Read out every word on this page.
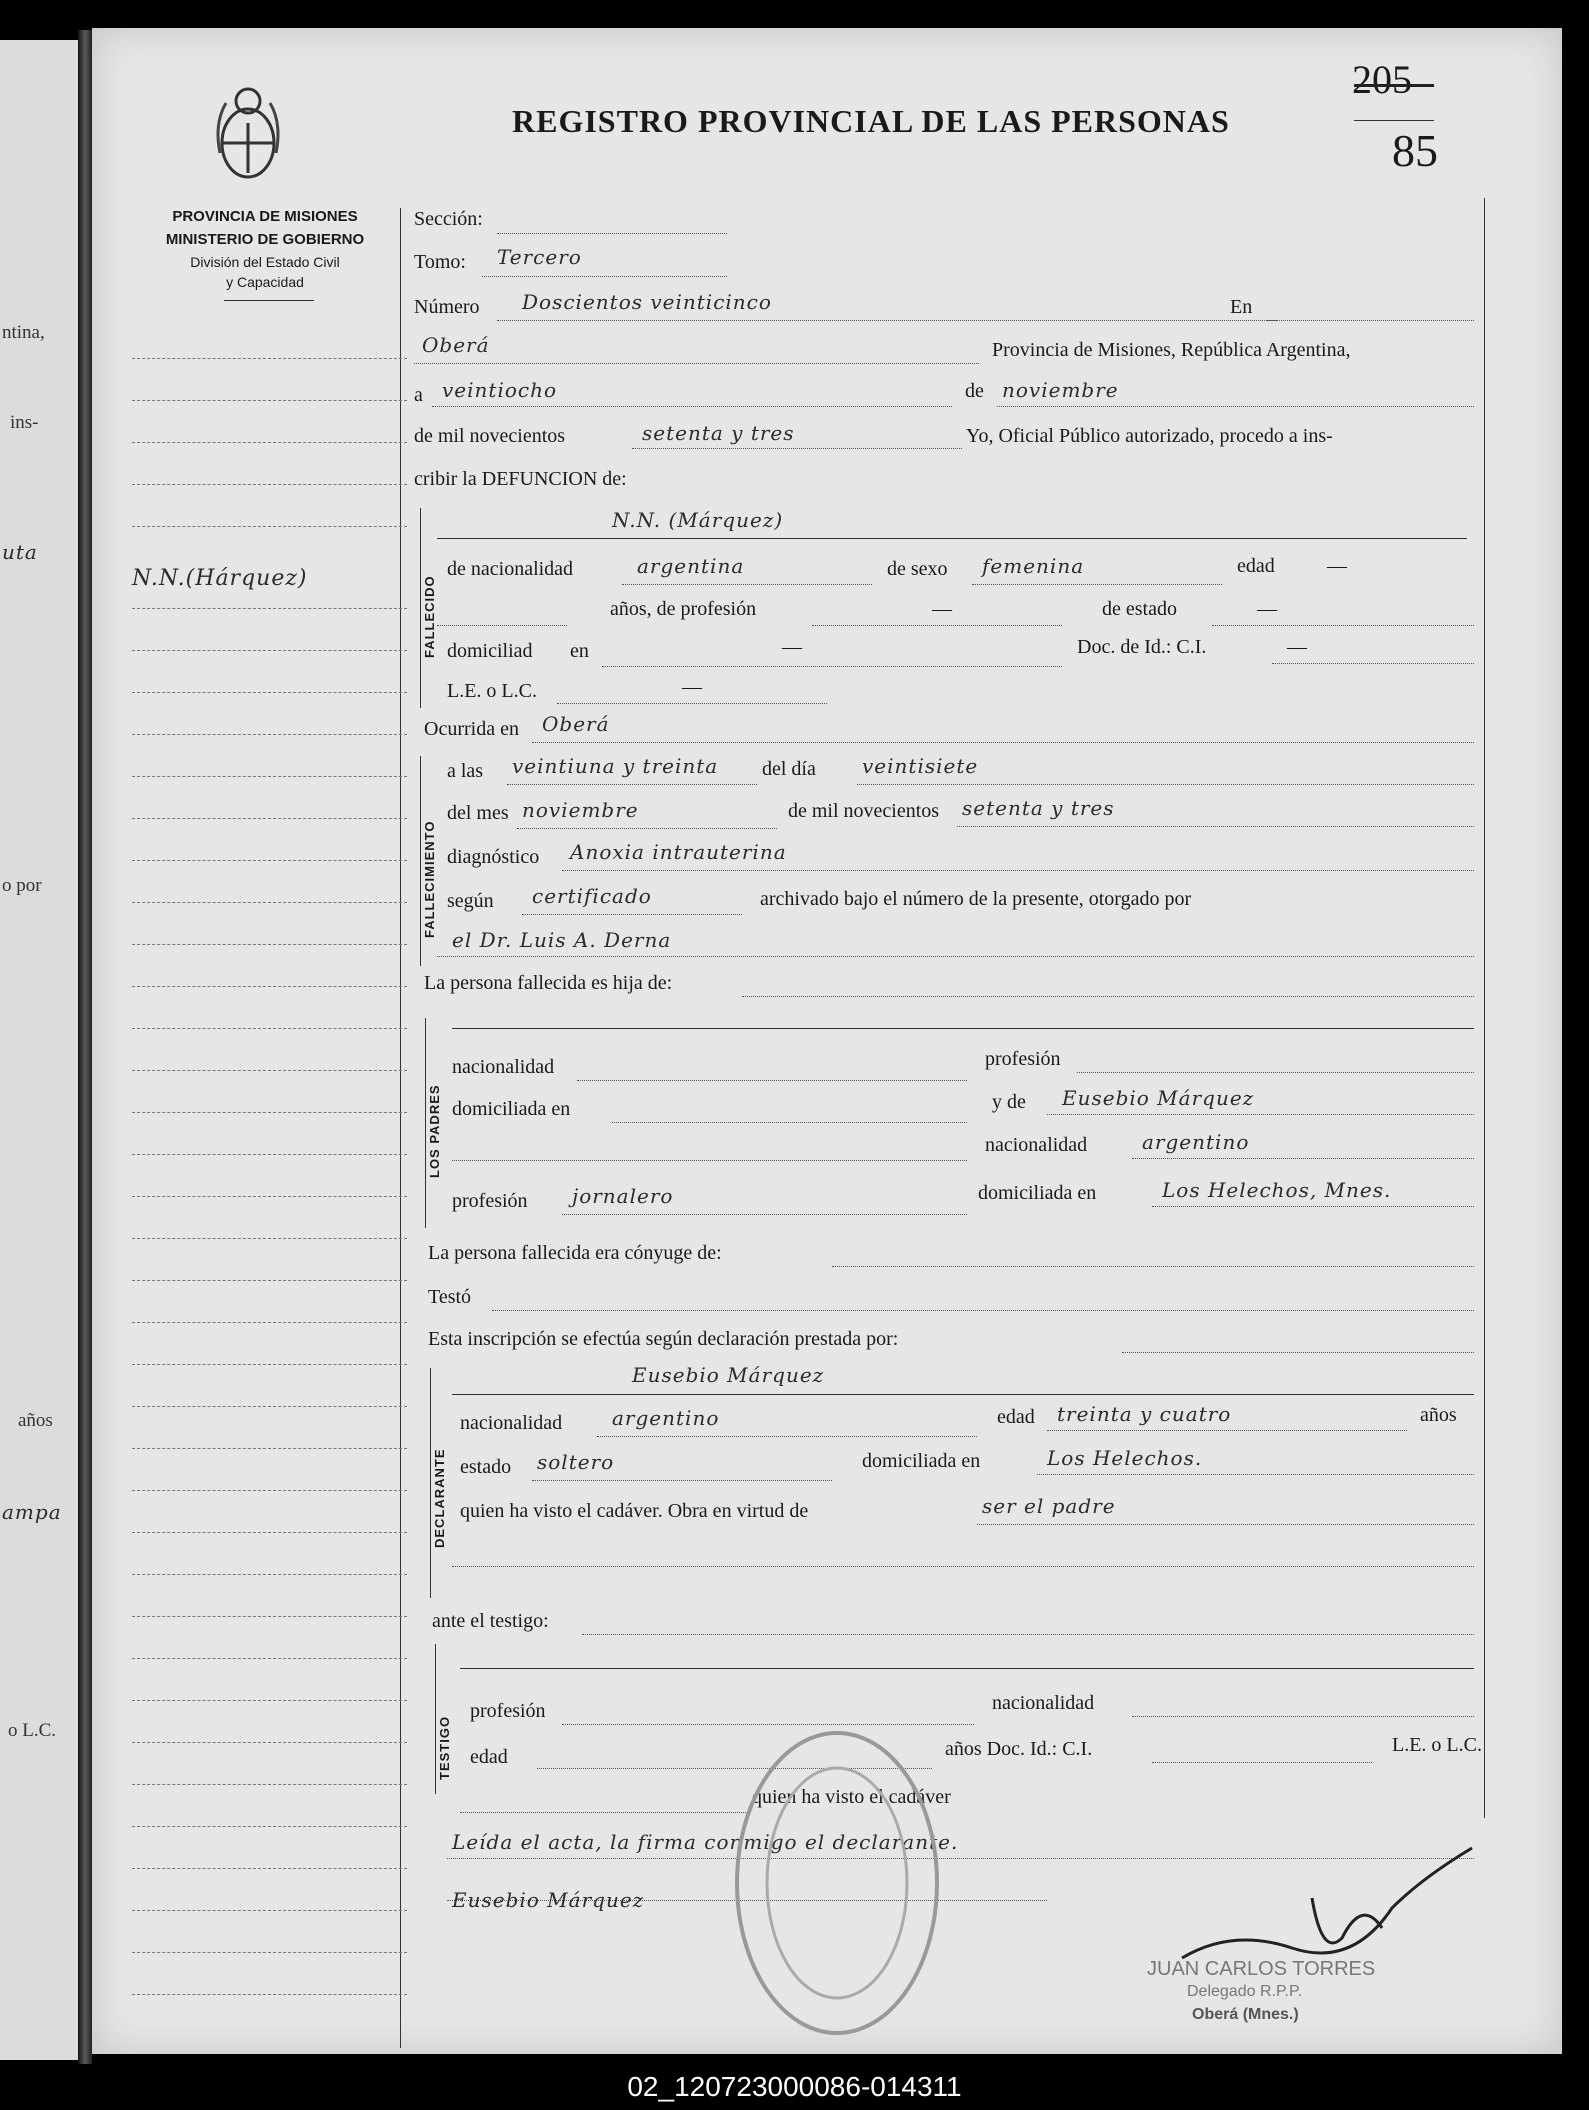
ntina,
ins-
uta
o por
años
ampa
o L.C.
REGISTRO PROVINCIAL DE LAS PERSONAS
205
85
PROVINCIA DE MISIONES
MINISTERIO DE GOBIERNO
División del Estado Civil
y Capacidad
N.N.(Hárquez)
Sección:
Tomo: Tercero
Número Doscientos veinticinco	En
Oberá	Provincia de Misiones, República Argentina,
a veintiocho	de noviembre
de mil novecientos	setenta y tres	Yo, Oficial Público autorizado, procedo a ins-
cribir la DEFUNCION de:
FALLECIDO
N.N. (Márquez)
de nacionalidad	argentina	de sexo femenina	edad	—
años, de profesión	—	de estado	—
domiciliad en	—	Doc. de Id.: C.I.	—
L.E. o L.C.	—
Ocurrida en Oberá
FALLECIMIENTO
a las veintiuna y treinta del día veintisiete
del mes noviembre	de mil novecientos setenta y tres
diagnóstico Anoxia intrauterina
según certificado	archivado bajo el número de la presente, otorgado por
el Dr. Luis A. Derna
La persona fallecida es hija de:
LOS PADRES
nacionalidad	profesión
domiciliada en	y de Eusebio Márquez
nacionalidad	argentino
profesión jornalero	domiciliada en	Los Helechos, Mnes.
La persona fallecida era cónyuge de:
Testó
Esta inscripción se efectúa según declaración prestada por:
DECLARANTE
Eusebio Márquez
nacionalidad argentino	edad treinta y cuatro	años
estado soltero	domiciliada en	Los Helechos.
quien ha visto el cadáver. Obra en virtud de	ser el padre
ante el testigo:
TESTIGO
profesión	nacionalidad
edad	años Doc. Id.: C.I.	L.E. o L.C.
quien ha visto el cadáver
Leída el acta, la firma conmigo el declarante.
Eusebio Márquez
JUAN CARLOS TORRES
Delegado R.P.P.
Oberá (Mnes.)
02_120723000086-014311
